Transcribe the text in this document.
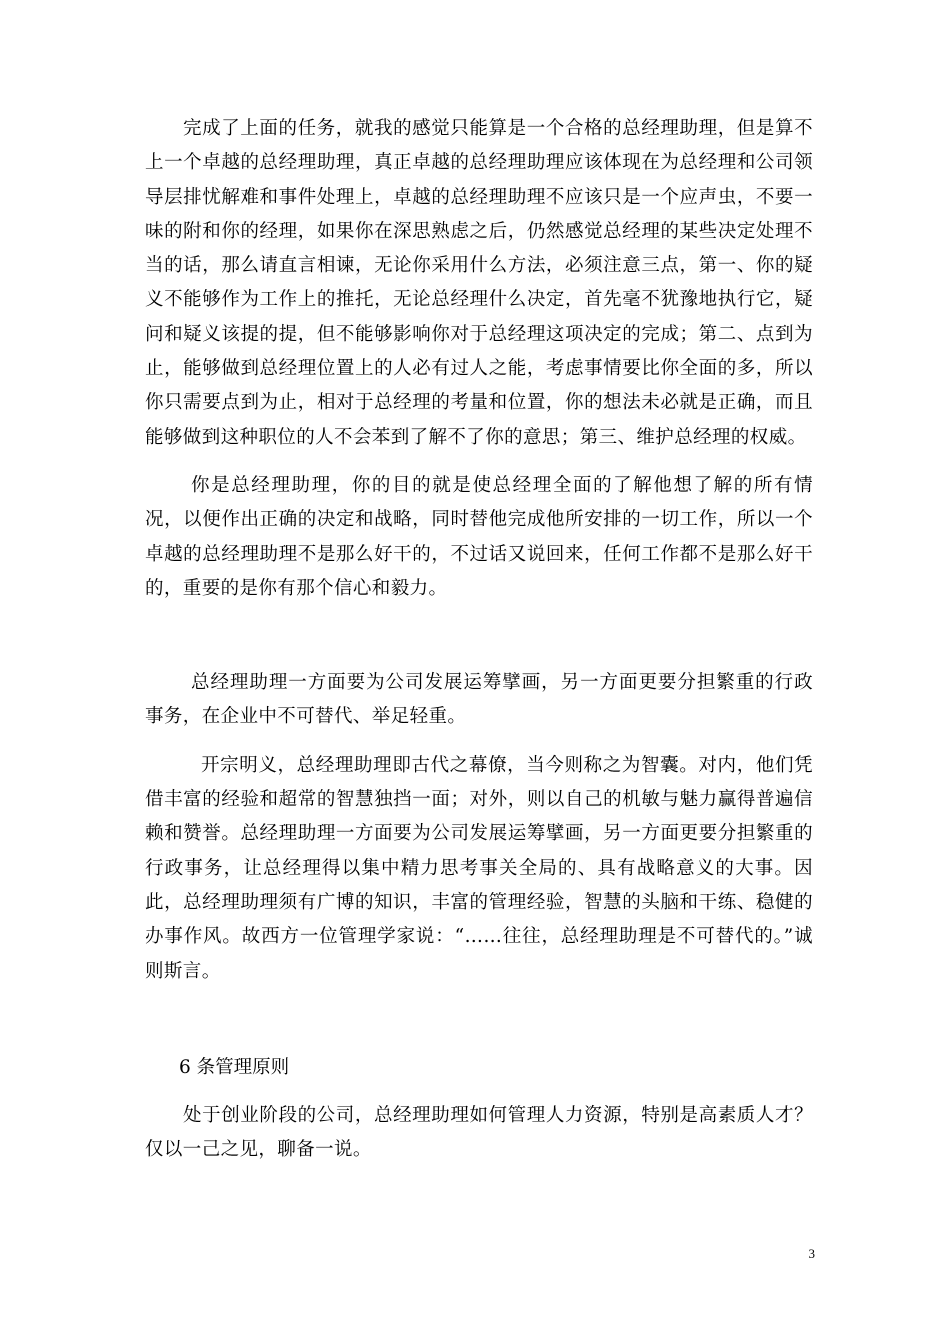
完成了上面的任务，就我的感觉只能算是一个合格的总经理助理，但是算不上一个卓越的总经理助理，真正卓越的总经理助理应该体现在为总经理和公司领导层排忧解难和事件处理上，卓越的总经理助理不应该只是一个应声虫，不要一味的附和你的经理，如果你在深思熟虑之后，仍然感觉总经理的某些决定处理不当的话，那么请直言相谏，无论你采用什么方法，必须注意三点，第一、你的疑义不能够作为工作上的推托，无论总经理什么决定，首先毫不犹豫地执行它，疑问和疑义该提的提，但不能够影响你对于总经理这项决定的完成；第二、点到为止，能够做到总经理位置上的人必有过人之能，考虑事情要比你全面的多，所以你只需要点到为止，相对于总经理的考量和位置，你的想法未必就是正确，而且能够做到这种职位的人不会苯到了解不了你的意思；第三、维护总经理的权威。

你是总经理助理，你的目的就是使总经理全面的了解他想了解的所有情况，以便作出正确的决定和战略，同时替他完成他所安排的一切工作，所以一个卓越的总经理助理不是那么好干的，不过话又说回来，任何工作都不是那么好干的，重要的是你有那个信心和毅力。

总经理助理一方面要为公司发展运筹擘画，另一方面更要分担繁重的行政事务，在企业中不可替代、举足轻重。

开宗明义，总经理助理即古代之幕僚，当今则称之为智囊。对内，他们凭借丰富的经验和超常的智慧独挡一面；对外，则以自己的机敏与魅力赢得普遍信赖和赞誉。总经理助理一方面要为公司发展运筹擘画，另一方面更要分担繁重的行政事务，让总经理得以集中精力思考事关全局的、具有战略意义的大事。因此，总经理助理须有广博的知识，丰富的管理经验，智慧的头脑和干练、稳健的办事作风。故西方一位管理学家说：“……往往，总经理助理是不可替代的。”诚则斯言。

6 条管理原则

处于创业阶段的公司，总经理助理如何管理人力资源，特别是高素质人才？仅以一己之见，聊备一说。

3
